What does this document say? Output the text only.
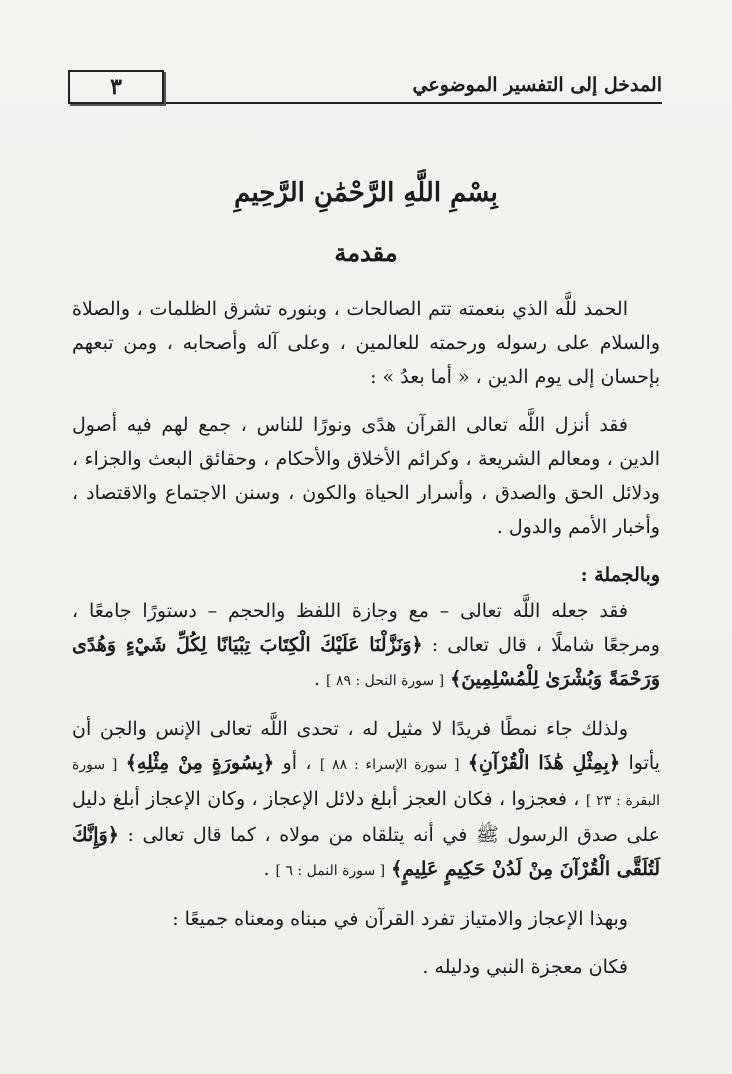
٣	المدخل إلى التفسير الموضوعي
بِسْمِ اللَّهِ الرَّحْمَٰنِ الرَّحِيمِ
مقدمة

الحمد للَّه الذي بنعمته تتم الصالحات ، وبنوره تشرق الظلمات ، والصلاة والسلام على رسوله ورحمته للعالمين ، وعلى آله وأصحابه ، ومن تبعهم بإحسان إلى يوم الدين ، « أما بعدُ » :

فقد أنزل اللَّه تعالى القرآن هدًى ونورًا للناس ، جمع لهم فيه أصول الدين ، ومعالم الشريعة ، وكرائم الأخلاق والأحكام ، وحقائق البعث والجزاء ، ودلائل الحق والصدق ، وأسرار الحياة والكون ، وسنن الاجتماع والاقتصاد ، وأخبار الأمم والدول .

وبالجملة :

فقد جعله اللَّه تعالى – مع وجازة اللفظ والحجم – دستورًا جامعًا ، ومرجعًا شاملًا ، قال تعالى : ﴿وَنَزَّلْنَا عَلَيْكَ الْكِتَابَ تِبْيَانًا لِكُلِّ شَيْءٍ وَهُدًى وَرَحْمَةً وَبُشْرَىٰ لِلْمُسْلِمِينَ﴾ [ سورة النحل : ٨٩ ] .

ولذلك جاء نمطًا فريدًا لا مثيل له ، تحدى اللَّه تعالى الإنس والجن أن يأتوا ﴿بِمِثْلِ هَٰذَا الْقُرْآنِ﴾ [ سورة الإسراء : ٨٨ ] ، أو ﴿بِسُورَةٍ مِنْ مِثْلِهِ﴾ [ سورة البقرة : ٢٣ ] ، فعجزوا ، فكان العجز أبلغ دلائل الإعجاز ، وكان الإعجاز أبلغ دليل على صدق الرسول ﷺ في أنه يتلقاه من مولاه ، كما قال تعالى : ﴿وَإِنَّكَ لَتُلَقَّى الْقُرْآنَ مِنْ لَدُنْ حَكِيمٍ عَلِيمٍ﴾ [ سورة النمل : ٦ ] .

وبهذا الإعجاز والامتياز تفرد القرآن في مبناه ومعناه جميعًا :

فكان معجزة النبي ودليله .
